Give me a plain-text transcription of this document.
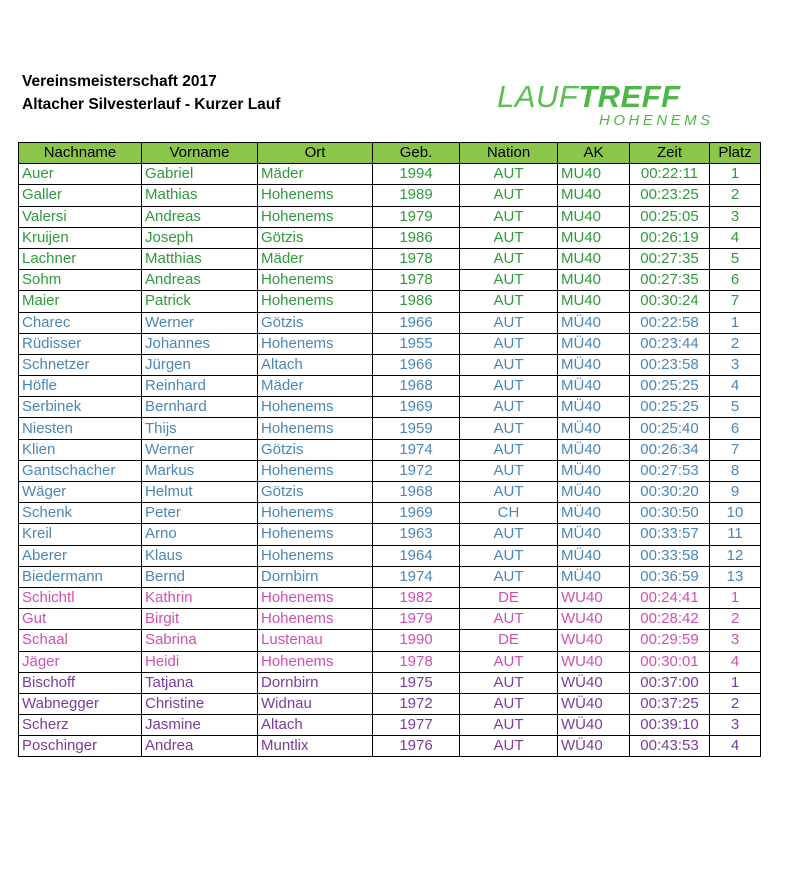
Vereinsmeisterschaft 2017
Altacher Silvesterlauf - Kurzer Lauf	LAUFTREFF
HOHENEMS
Nachname	Vorname	Ort	Geb.	Nation	AK	Zeit	Platz
Auer	Gabriel	Mäder	1994	AUT	MU40	00:22:11	1
Galler	Mathias	Hohenems	1989	AUT	MU40	00:23:25	2
Valersi	Andreas	Hohenems	1979	AUT	MU40	00:25:05	3
Kruijen	Joseph	Götzis	1986	AUT	MU40	00:26:19	4
Lachner	Matthias	Mäder	1978	AUT	MU40	00:27:35	5
Sohm	Andreas	Hohenems	1978	AUT	MU40	00:27:35	6
Maier	Patrick	Hohenems	1986	AUT	MU40	00:30:24	7
Charec	Werner	Götzis	1966	AUT	MÜ40	00:22:58	1
Rüdisser	Johannes	Hohenems	1955	AUT	MÜ40	00:23:44	2
Schnetzer	Jürgen	Altach	1966	AUT	MÜ40	00:23:58	3
Höfle	Reinhard	Mäder	1968	AUT	MÜ40	00:25:25	4
Serbinek	Bernhard	Hohenems	1969	AUT	MÜ40	00:25:25	5
Niesten	Thijs	Hohenems	1959	AUT	MÜ40	00:25:40	6
Klien	Werner	Götzis	1974	AUT	MÜ40	00:26:34	7
Gantschacher	Markus	Hohenems	1972	AUT	MÜ40	00:27:53	8
Wäger	Helmut	Götzis	1968	AUT	MÜ40	00:30:20	9
Schenk	Peter	Hohenems	1969	CH	MÜ40	00:30:50	10
Kreil	Arno	Hohenems	1963	AUT	MÜ40	00:33:57	11
Aberer	Klaus	Hohenems	1964	AUT	MÜ40	00:33:58	12
Biedermann	Bernd	Dornbirn	1974	AUT	MÜ40	00:36:59	13
Schichtl	Kathrin	Hohenems	1982	DE	WU40	00:24:41	1
Gut	Birgit	Hohenems	1979	AUT	WU40	00:28:42	2
Schaal	Sabrina	Lustenau	1990	DE	WU40	00:29:59	3
Jäger	Heidi	Hohenems	1978	AUT	WU40	00:30:01	4
Bischoff	Tatjana	Dornbirn	1975	AUT	WÜ40	00:37:00	1
Wabnegger	Christine	Widnau	1972	AUT	WÜ40	00:37:25	2
Scherz	Jasmine	Altach	1977	AUT	WÜ40	00:39:10	3
Poschinger	Andrea	Muntlix	1976	AUT	WÜ40	00:43:53	4
